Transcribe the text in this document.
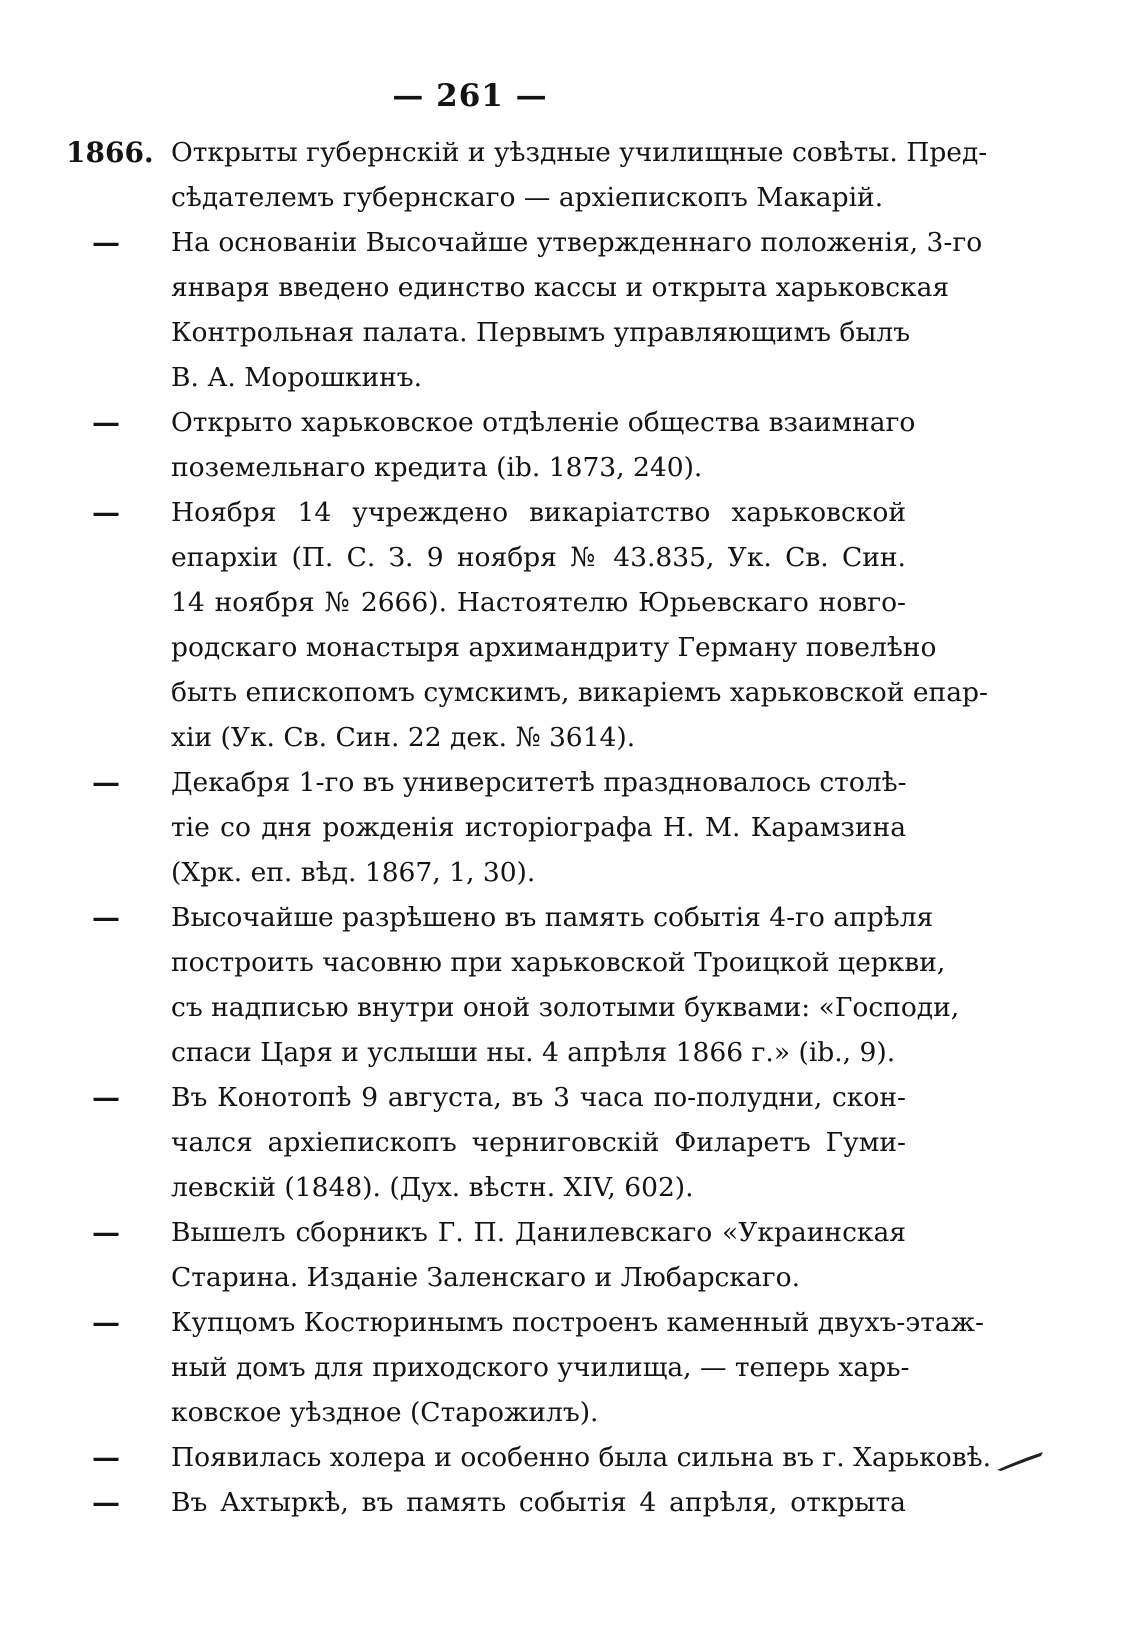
— 261 —
1866. Открыты губернскій и уѣздные училищные совѣты. Пред-
сѣдателемъ губернскаго — архіепископъ Макарій.
—	На основаніи Высочайше утвержденнаго положенія, 3-го
января введено единство кассы и открыта харьковская
Контрольная палата. Первымъ управляющимъ былъ
В. А. Морошкинъ.
—	Открыто харьковское отдѣленіе общества взаимнаго
поземельнаго кредита (ib. 1873, 240).
—	Ноября 14 учреждено викаріатство харьковской
епархіи (П. С. З. 9 ноября № 43.835, Ук. Св. Син.
14 ноября № 2666). Настоятелю Юрьевскаго новго-
родскаго монастыря архимандриту Герману повелѣно
быть епископомъ сумскимъ, викаріемъ харьковской епар-
хіи (Ук. Св. Син. 22 дек. № 3614).
—	Декабря 1-го въ университетѣ праздновалось столѣ-
тіе со дня рожденія исторіографа Н. М. Карамзина
(Хрк. еп. вѣд. 1867, 1, 30).
—	Высочайше разрѣшено въ память событія 4-го апрѣля
построить часовню при харьковской Троицкой церкви,
съ надписью внутри оной золотыми буквами: «Господи,
спаси Царя и услыши ны. 4 апрѣля 1866 г.» (ib., 9).
—	Въ Конотопѣ 9 августа, въ 3 часа по-полудни, скон-
чался архіепископъ черниговскій Филаретъ Гуми-
левскій (1848). (Дух. вѣстн. XIV, 602).
—	Вышелъ сборникъ Г. П. Данилевскаго «Украинская
Старина. Изданіе Заленскаго и Любарскаго.
—	Купцомъ Костюринымъ построенъ каменный двухъ-этаж-
ный домъ для приходского училища, — теперь харь-
ковское уѣздное (Старожилъ).
—	Появилась холера и особенно была сильна въ г. Харьковѣ.
—	Въ Ахтыркѣ, въ память событія 4 апрѣля, открыта
